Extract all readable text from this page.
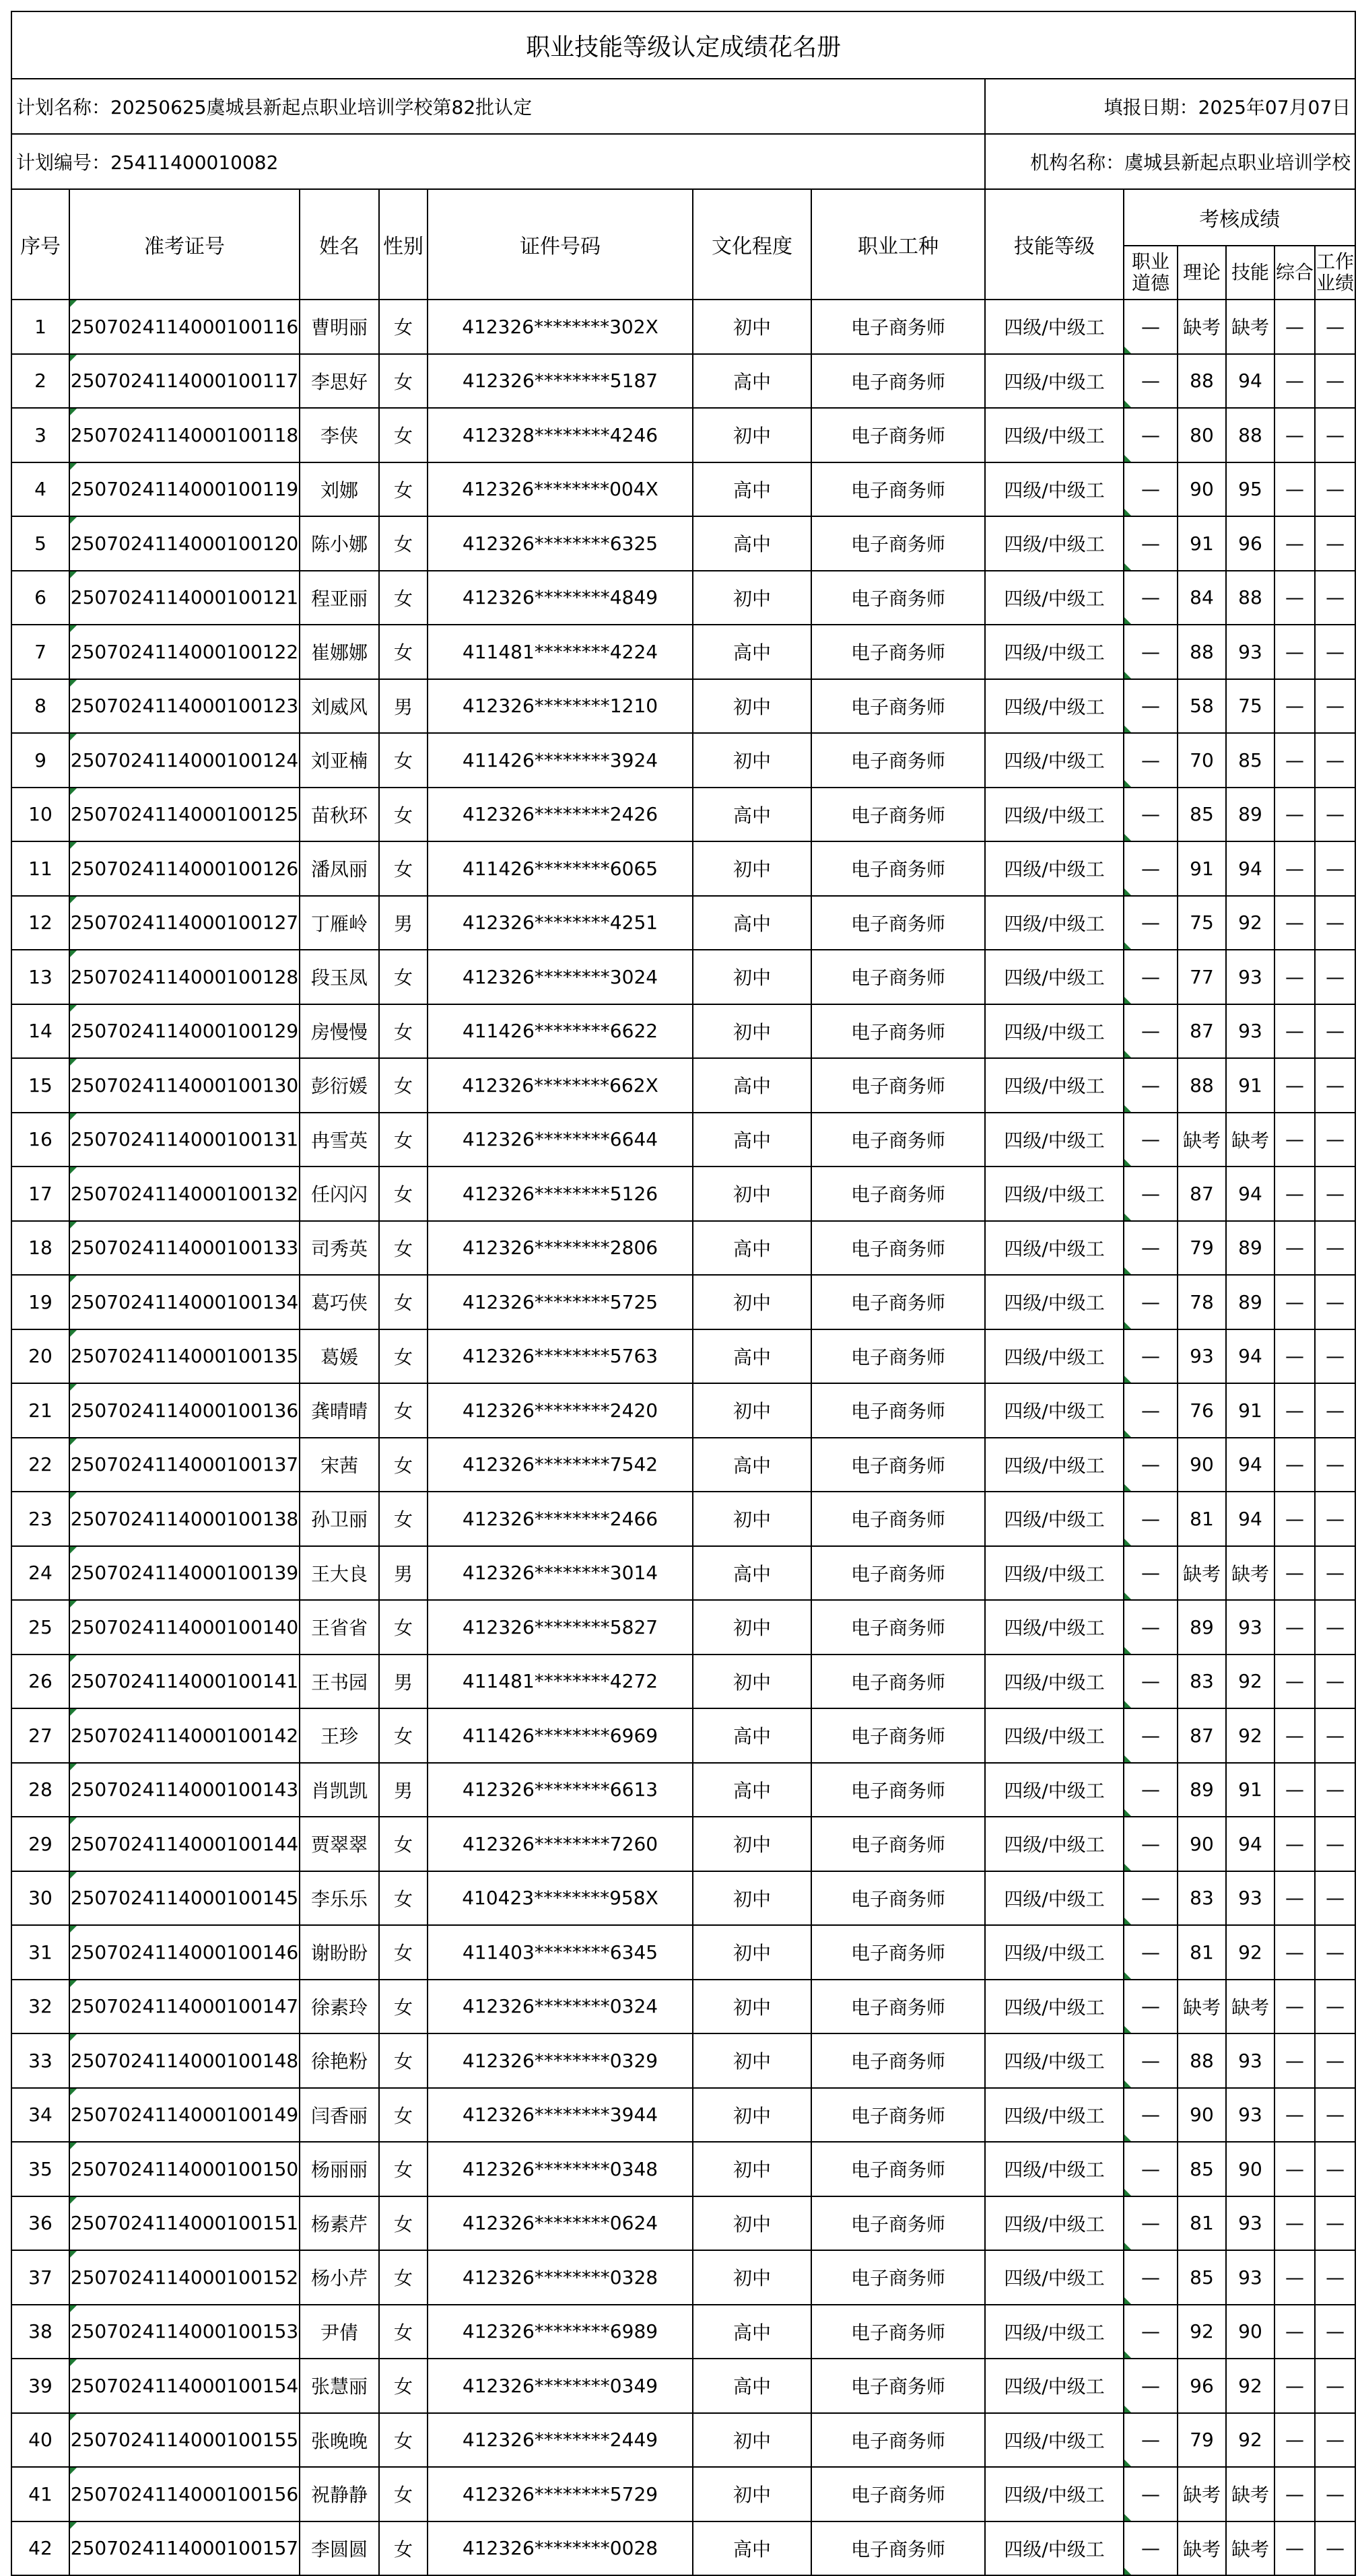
职业技能等级认定成绩花名册												
计划名称：20250625虞城县新起点职业培训学校第82批认定							填报日期：2025年07月07日					
计划编号：25411400010082							机构名称：虞城县新起点职业培训学校					
序号	准考证号	姓名	性别	证件号码	文化程度	职业工种	技能等级	考核成绩				
								职业道德	理论	技能	综合	工作业绩
1	2507024114000100116	曹明丽	女	412326********302X	初中	电子商务师	四级/中级工	—	缺考	缺考	—	—
2	2507024114000100117	李思好	女	412326********5187	高中	电子商务师	四级/中级工	—	88	94	—	—
3	2507024114000100118	李侠	女	412328********4246	初中	电子商务师	四级/中级工	—	80	88	—	—
4	2507024114000100119	刘娜	女	412326********004X	高中	电子商务师	四级/中级工	—	90	95	—	—
5	2507024114000100120	陈小娜	女	412326********6325	高中	电子商务师	四级/中级工	—	91	96	—	—
6	2507024114000100121	程亚丽	女	412326********4849	初中	电子商务师	四级/中级工	—	84	88	—	—
7	2507024114000100122	崔娜娜	女	411481********4224	高中	电子商务师	四级/中级工	—	88	93	—	—
8	2507024114000100123	刘威风	男	412326********1210	初中	电子商务师	四级/中级工	—	58	75	—	—
9	2507024114000100124	刘亚楠	女	411426********3924	初中	电子商务师	四级/中级工	—	70	85	—	—
10	2507024114000100125	苗秋环	女	412326********2426	高中	电子商务师	四级/中级工	—	85	89	—	—
11	2507024114000100126	潘凤丽	女	411426********6065	初中	电子商务师	四级/中级工	—	91	94	—	—
12	2507024114000100127	丁雁岭	男	412326********4251	高中	电子商务师	四级/中级工	—	75	92	—	—
13	2507024114000100128	段玉凤	女	412326********3024	初中	电子商务师	四级/中级工	—	77	93	—	—
14	2507024114000100129	房慢慢	女	411426********6622	初中	电子商务师	四级/中级工	—	87	93	—	—
15	2507024114000100130	彭衍媛	女	412326********662X	高中	电子商务师	四级/中级工	—	88	91	—	—
16	2507024114000100131	冉雪英	女	412326********6644	高中	电子商务师	四级/中级工	—	缺考	缺考	—	—
17	2507024114000100132	任闪闪	女	412326********5126	初中	电子商务师	四级/中级工	—	87	94	—	—
18	2507024114000100133	司秀英	女	412326********2806	高中	电子商务师	四级/中级工	—	79	89	—	—
19	2507024114000100134	葛巧侠	女	412326********5725	初中	电子商务师	四级/中级工	—	78	89	—	—
20	2507024114000100135	葛媛	女	412326********5763	高中	电子商务师	四级/中级工	—	93	94	—	—
21	2507024114000100136	龚晴晴	女	412326********2420	初中	电子商务师	四级/中级工	—	76	91	—	—
22	2507024114000100137	宋茜	女	412326********7542	高中	电子商务师	四级/中级工	—	90	94	—	—
23	2507024114000100138	孙卫丽	女	412326********2466	初中	电子商务师	四级/中级工	—	81	94	—	—
24	2507024114000100139	王大良	男	412326********3014	高中	电子商务师	四级/中级工	—	缺考	缺考	—	—
25	2507024114000100140	王省省	女	412326********5827	初中	电子商务师	四级/中级工	—	89	93	—	—
26	2507024114000100141	王书园	男	411481********4272	初中	电子商务师	四级/中级工	—	83	92	—	—
27	2507024114000100142	王珍	女	411426********6969	高中	电子商务师	四级/中级工	—	87	92	—	—
28	2507024114000100143	肖凯凯	男	412326********6613	高中	电子商务师	四级/中级工	—	89	91	—	—
29	2507024114000100144	贾翠翠	女	412326********7260	初中	电子商务师	四级/中级工	—	90	94	—	—
30	2507024114000100145	李乐乐	女	410423********958X	初中	电子商务师	四级/中级工	—	83	93	—	—
31	2507024114000100146	谢盼盼	女	411403********6345	初中	电子商务师	四级/中级工	—	81	92	—	—
32	2507024114000100147	徐素玲	女	412326********0324	初中	电子商务师	四级/中级工	—	缺考	缺考	—	—
33	2507024114000100148	徐艳粉	女	412326********0329	初中	电子商务师	四级/中级工	—	88	93	—	—
34	2507024114000100149	闫香丽	女	412326********3944	初中	电子商务师	四级/中级工	—	90	93	—	—
35	2507024114000100150	杨丽丽	女	412326********0348	初中	电子商务师	四级/中级工	—	85	90	—	—
36	2507024114000100151	杨素芹	女	412326********0624	初中	电子商务师	四级/中级工	—	81	93	—	—
37	2507024114000100152	杨小芹	女	412326********0328	初中	电子商务师	四级/中级工	—	85	93	—	—
38	2507024114000100153	尹倩	女	412326********6989	高中	电子商务师	四级/中级工	—	92	90	—	—
39	2507024114000100154	张慧丽	女	412326********0349	高中	电子商务师	四级/中级工	—	96	92	—	—
40	2507024114000100155	张晚晚	女	412326********2449	初中	电子商务师	四级/中级工	—	79	92	—	—
41	2507024114000100156	祝静静	女	412326********5729	初中	电子商务师	四级/中级工	—	缺考	缺考	—	—
42	2507024114000100157	李圆圆	女	412326********0028	高中	电子商务师	四级/中级工	—	缺考	缺考	—	—
